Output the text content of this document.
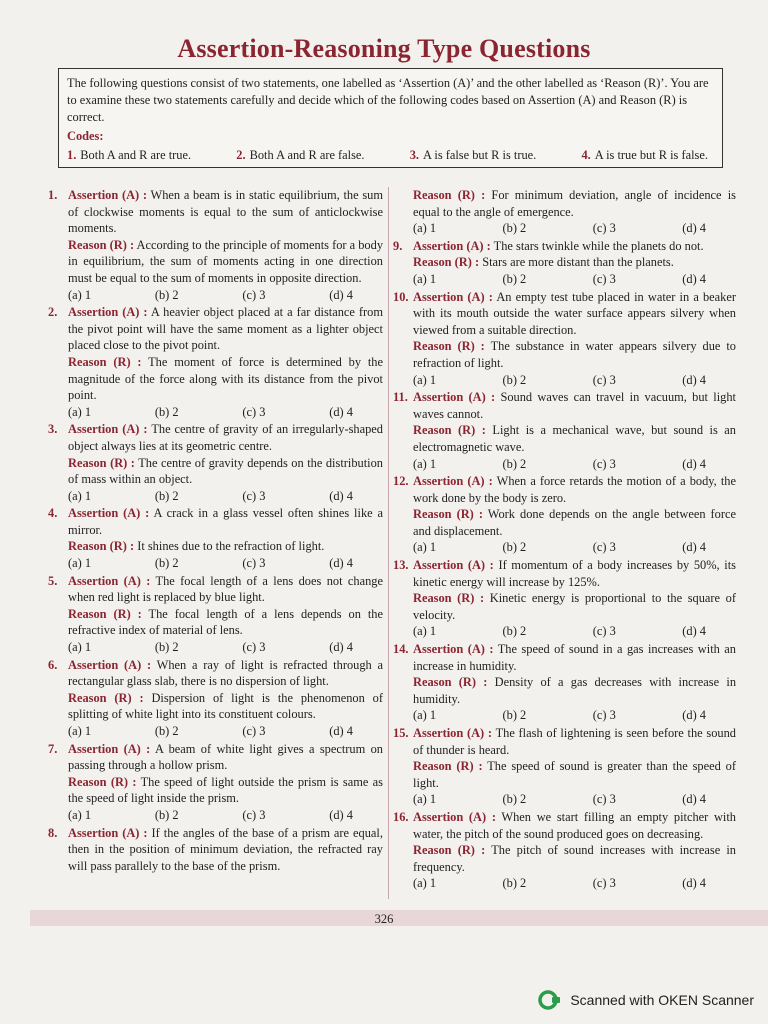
Assertion-Reasoning Type Questions
The following questions consist of two statements, one labelled as ‘Assertion (A)’ and the other labelled as ‘Reason (R)’. You are to examine these two statements carefully and decide which of the following codes based on Assertion (A) and Reason (R) is correct.
Codes:
1. Both A and R are true.	2. Both A and R are false.	3. A is false but R is true.	4. A is true but R is false.
1. Assertion (A) : When a beam is in static equilibrium, the sum of clockwise moments is equal to the sum of anticlockwise moments.
Reason (R) : According to the principle of moments for a body in equilibrium, the sum of moments acting in one direction must be equal to the sum of moments in opposite direction.
(a) 1	(b) 2	(c) 3	(d) 4
2. Assertion (A) : A heavier object placed at a far distance from the pivot point will have the same moment as a lighter object placed close to the pivot point.
Reason (R) : The moment of force is determined by the magnitude of the force along with its distance from the pivot point.
(a) 1	(b) 2	(c) 3	(d) 4
3. Assertion (A) : The centre of gravity of an irregularly-shaped object always lies at its geometric centre.
Reason (R) : The centre of gravity depends on the distribution of mass within an object.
(a) 1	(b) 2	(c) 3	(d) 4
4. Assertion (A) : A crack in a glass vessel often shines like a mirror.
Reason (R) : It shines due to the refraction of light.
(a) 1	(b) 2	(c) 3	(d) 4
5. Assertion (A) : The focal length of a lens does not change when red light is replaced by blue light.
Reason (R) : The focal length of a lens depends on the refractive index of material of lens.
(a) 1	(b) 2	(c) 3	(d) 4
6. Assertion (A) : When a ray of light is refracted through a rectangular glass slab, there is no dispersion of light.
Reason (R) : Dispersion of light is the phenomenon of splitting of white light into its constituent colours.
(a) 1	(b) 2	(c) 3	(d) 4
7. Assertion (A) : A beam of white light gives a spectrum on passing through a hollow prism.
Reason (R) : The speed of light outside the prism is same as the speed of light inside the prism.
(a) 1	(b) 2	(c) 3	(d) 4
8. Assertion (A) : If the angles of the base of a prism are equal, then in the position of minimum deviation, the refracted ray will pass parallely to the base of the prism.
Reason (R) : For minimum deviation, angle of incidence is equal to the angle of emergence.
(a) 1	(b) 2	(c) 3	(d) 4
9. Assertion (A) : The stars twinkle while the planets do not.
Reason (R) : Stars are more distant than the planets.
(a) 1	(b) 2	(c) 3	(d) 4
10. Assertion (A) : An empty test tube placed in water in a beaker with its mouth outside the water surface appears silvery when viewed from a suitable direction.
Reason (R) : The substance in water appears silvery due to refraction of light.
(a) 1	(b) 2	(c) 3	(d) 4
11. Assertion (A) : Sound waves can travel in vacuum, but light waves cannot.
Reason (R) : Light is a mechanical wave, but sound is an electromagnetic wave.
(a) 1	(b) 2	(c) 3	(d) 4
12. Assertion (A) : When a force retards the motion of a body, the work done by the body is zero.
Reason (R) : Work done depends on the angle between force and displacement.
(a) 1	(b) 2	(c) 3	(d) 4
13. Assertion (A) : If momentum of a body increases by 50%, its kinetic energy will increase by 125%.
Reason (R) : Kinetic energy is proportional to the square of velocity.
(a) 1	(b) 2	(c) 3	(d) 4
14. Assertion (A) : The speed of sound in a gas increases with an increase in humidity.
Reason (R) : Density of a gas decreases with increase in humidity.
(a) 1	(b) 2	(c) 3	(d) 4
15. Assertion (A) : The flash of lightening is seen before the sound of thunder is heard.
Reason (R) : The speed of sound is greater than the speed of light.
(a) 1	(b) 2	(c) 3	(d) 4
16. Assertion (A) : When we start filling an empty pitcher with water, the pitch of the sound produced goes on decreasing.
Reason (R) : The pitch of sound increases with increase in frequency.
(a) 1	(b) 2	(c) 3	(d) 4
326
Scanned with OKEN Scanner
